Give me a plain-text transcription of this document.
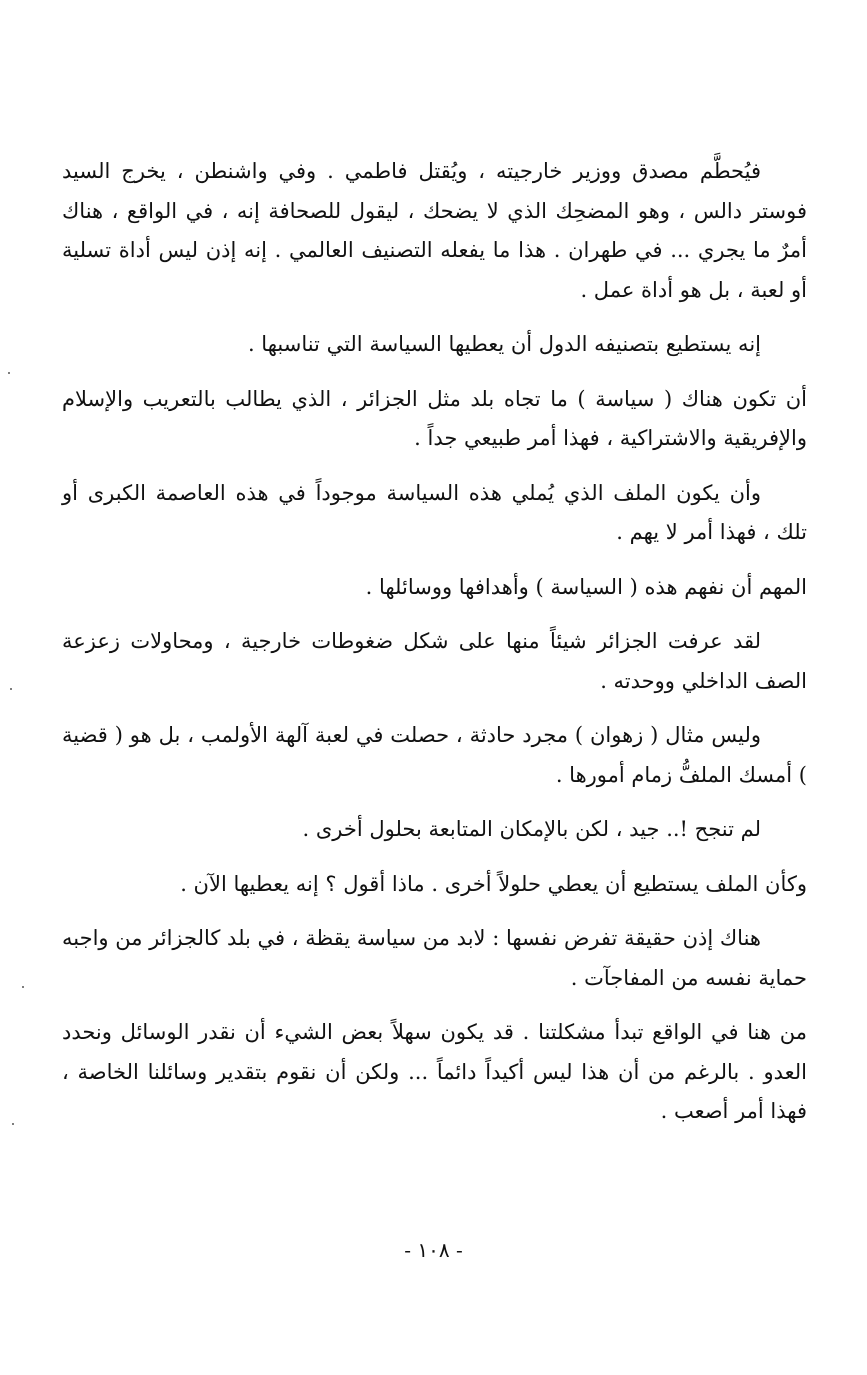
فيُحطَّم مصدق ووزير خارجيته ، ويُقتل فاطمي . وفي واشنطن ، يخرج السيد فوستر دالس ، وهو المضحِك الذي لا يضحك ، ليقول للصحافة إنه ، في الواقع ، هناك أمرٌ ما يجري ... في طهران . هذا ما يفعله التصنيف العالمي . إنه إذن ليس أداة تسلية أو لعبة ، بل هو أداة عمل .

إنه يستطيع بتصنيفه الدول أن يعطيها السياسة التي تناسبها .

أن تكون هناك ( سياسة ) ما تجاه بلد مثل الجزائر ، الذي يطالب بالتعريب والإسلام والإفريقية والاشتراكية ، فهذا أمر طبيعي جداً .

وأن يكون الملف الذي يُملي هذه السياسة موجوداً في هذه العاصمة الكبرى أو تلك ، فهذا أمر لا يهم .

المهم أن نفهم هذه ( السياسة ) وأهدافها ووسائلها .

لقد عرفت الجزائر شيئاً منها على شكل ضغوطات خارجية ، ومحاولات زعزعة الصف الداخلي ووحدته .

وليس مثال ( زهوان ) مجرد حادثة ، حصلت في لعبة آلهة الأولمب ، بل هو ( قضية ) أمسك الملفُّ زمام أمورها .

لم تنجح !.. جيد ، لكن بالإمكان المتابعة بحلول أخرى .

وكأن الملف يستطيع أن يعطي حلولاً أخرى . ماذا أقول ؟ إنه يعطيها الآن .

هناك إذن حقيقة تفرض نفسها : لابد من سياسة يقظة ، في بلد كالجزائر من واجبه حماية نفسه من المفاجآت .

من هنا في الواقع تبدأ مشكلتنا . قد يكون سهلاً بعض الشيء أن نقدر الوسائل ونحدد العدو . بالرغم من أن هذا ليس أكيداً دائماً ... ولكن أن نقوم بتقدير وسائلنا الخاصة ، فهذا أمر أصعب .

- ١٠٨ -
